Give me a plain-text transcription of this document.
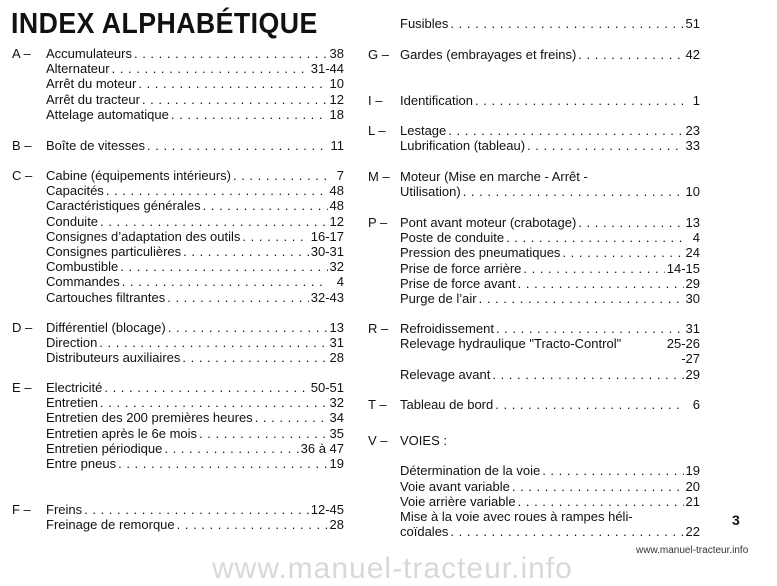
INDEX ALPHABÉTIQUE
A –	Accumulateurs . . .	38
Alternateur . . .	31-44
Arrêt du moteur . . .	10
Arrêt du tracteur . . .	12
Attelage automatique . . .	18
B –	Boîte de vitesses . . .	11
C –	Cabine (équipements intérieurs) . . .	7
Capacités . . .	48
Caractéristiques générales . . .	48
Conduite . . .	12
Consignes d’adaptation des outils . . .	16-17
Consignes particulières . . .	30-31
Combustible . . .	32
Commandes . . .	4
Cartouches filtrantes . . .	32-43
D –	Différentiel (blocage) . . .	13
Direction . . .	31
Distributeurs auxiliaires . . .	28
E –	Electricité . . .	50-51
Entretien . . .	32
Entretien des 200 premières heures . . .	34
Entretien après le 6e mois . . .	35
Entretien périodique . . .	36 à 47
Entre pneus . . .	19
F –	Freins . . .	12-45
Freinage de remorque . . .	28
Fusibles . . .	51
G – Gardes (embrayages et freins) . . .	42
I –	Identification . . .	1
L –	Lestage . . .	23
Lubrification (tableau) . . .	33
M – Moteur (Mise en marche - Arrêt -
Utilisation) . . .	10
P – Pont avant moteur (crabotage) . . .	13
Poste de conduite . . .	4
Pression des pneumatiques . . .	24
Prise de force arrière . . .	14-15
Prise de force avant . . .	29
Purge de l’air . . .	30
R – Refroidissement . . .	31
Relevage hydraulique "Tracto-Control"	25-26
-27
Relevage avant . . .	29
T –	Tableau de bord . . .	6
V – VOIES :
Détermination de la voie . . .	19
Voie avant variable . . .	20
Voie arrière variable . . .	21
Mise à la voie avec roues à rampes héli-
coïdales . . .	22
3
www.manuel-tracteur.info
www.manuel-tracteur.info
